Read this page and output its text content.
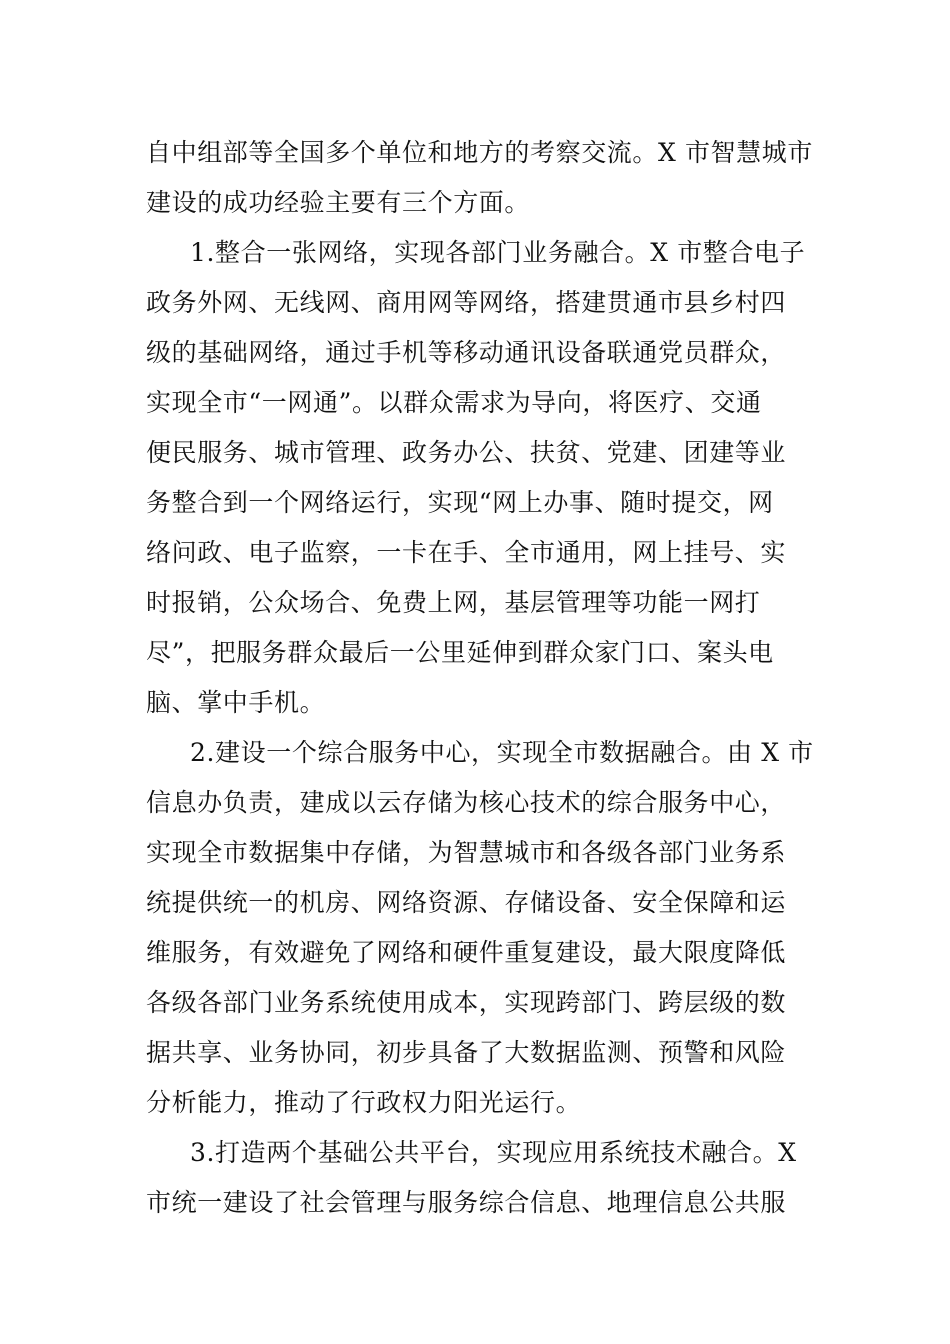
自中组部等全国多个单位和地方的考察交流。X 市智慧城市
建设的成功经验主要有三个方面。
1.整合一张网络，实现各部门业务融合。X 市整合电子
政务外网、无线网、商用网等网络，搭建贯通市县乡村四
级的基础网络，通过手机等移动通讯设备联通党员群众，
实现全市“一网通”。以群众需求为导向，将医疗、交通
便民服务、城市管理、政务办公、扶贫、党建、团建等业
务整合到一个网络运行，实现“网上办事、随时提交，网
络问政、电子监察，一卡在手、全市通用，网上挂号、实
时报销，公众场合、免费上网，基层管理等功能一网打
尽”，把服务群众最后一公里延伸到群众家门口、案头电
脑、掌中手机。
2.建设一个综合服务中心，实现全市数据融合。由 X 市
信息办负责，建成以云存储为核心技术的综合服务中心，
实现全市数据集中存储，为智慧城市和各级各部门业务系
统提供统一的机房、网络资源、存储设备、安全保障和运
维服务，有效避免了网络和硬件重复建设，最大限度降低
各级各部门业务系统使用成本，实现跨部门、跨层级的数
据共享、业务协同，初步具备了大数据监测、预警和风险
分析能力，推动了行政权力阳光运行。
3.打造两个基础公共平台，实现应用系统技术融合。X
市统一建设了社会管理与服务综合信息、地理信息公共服
